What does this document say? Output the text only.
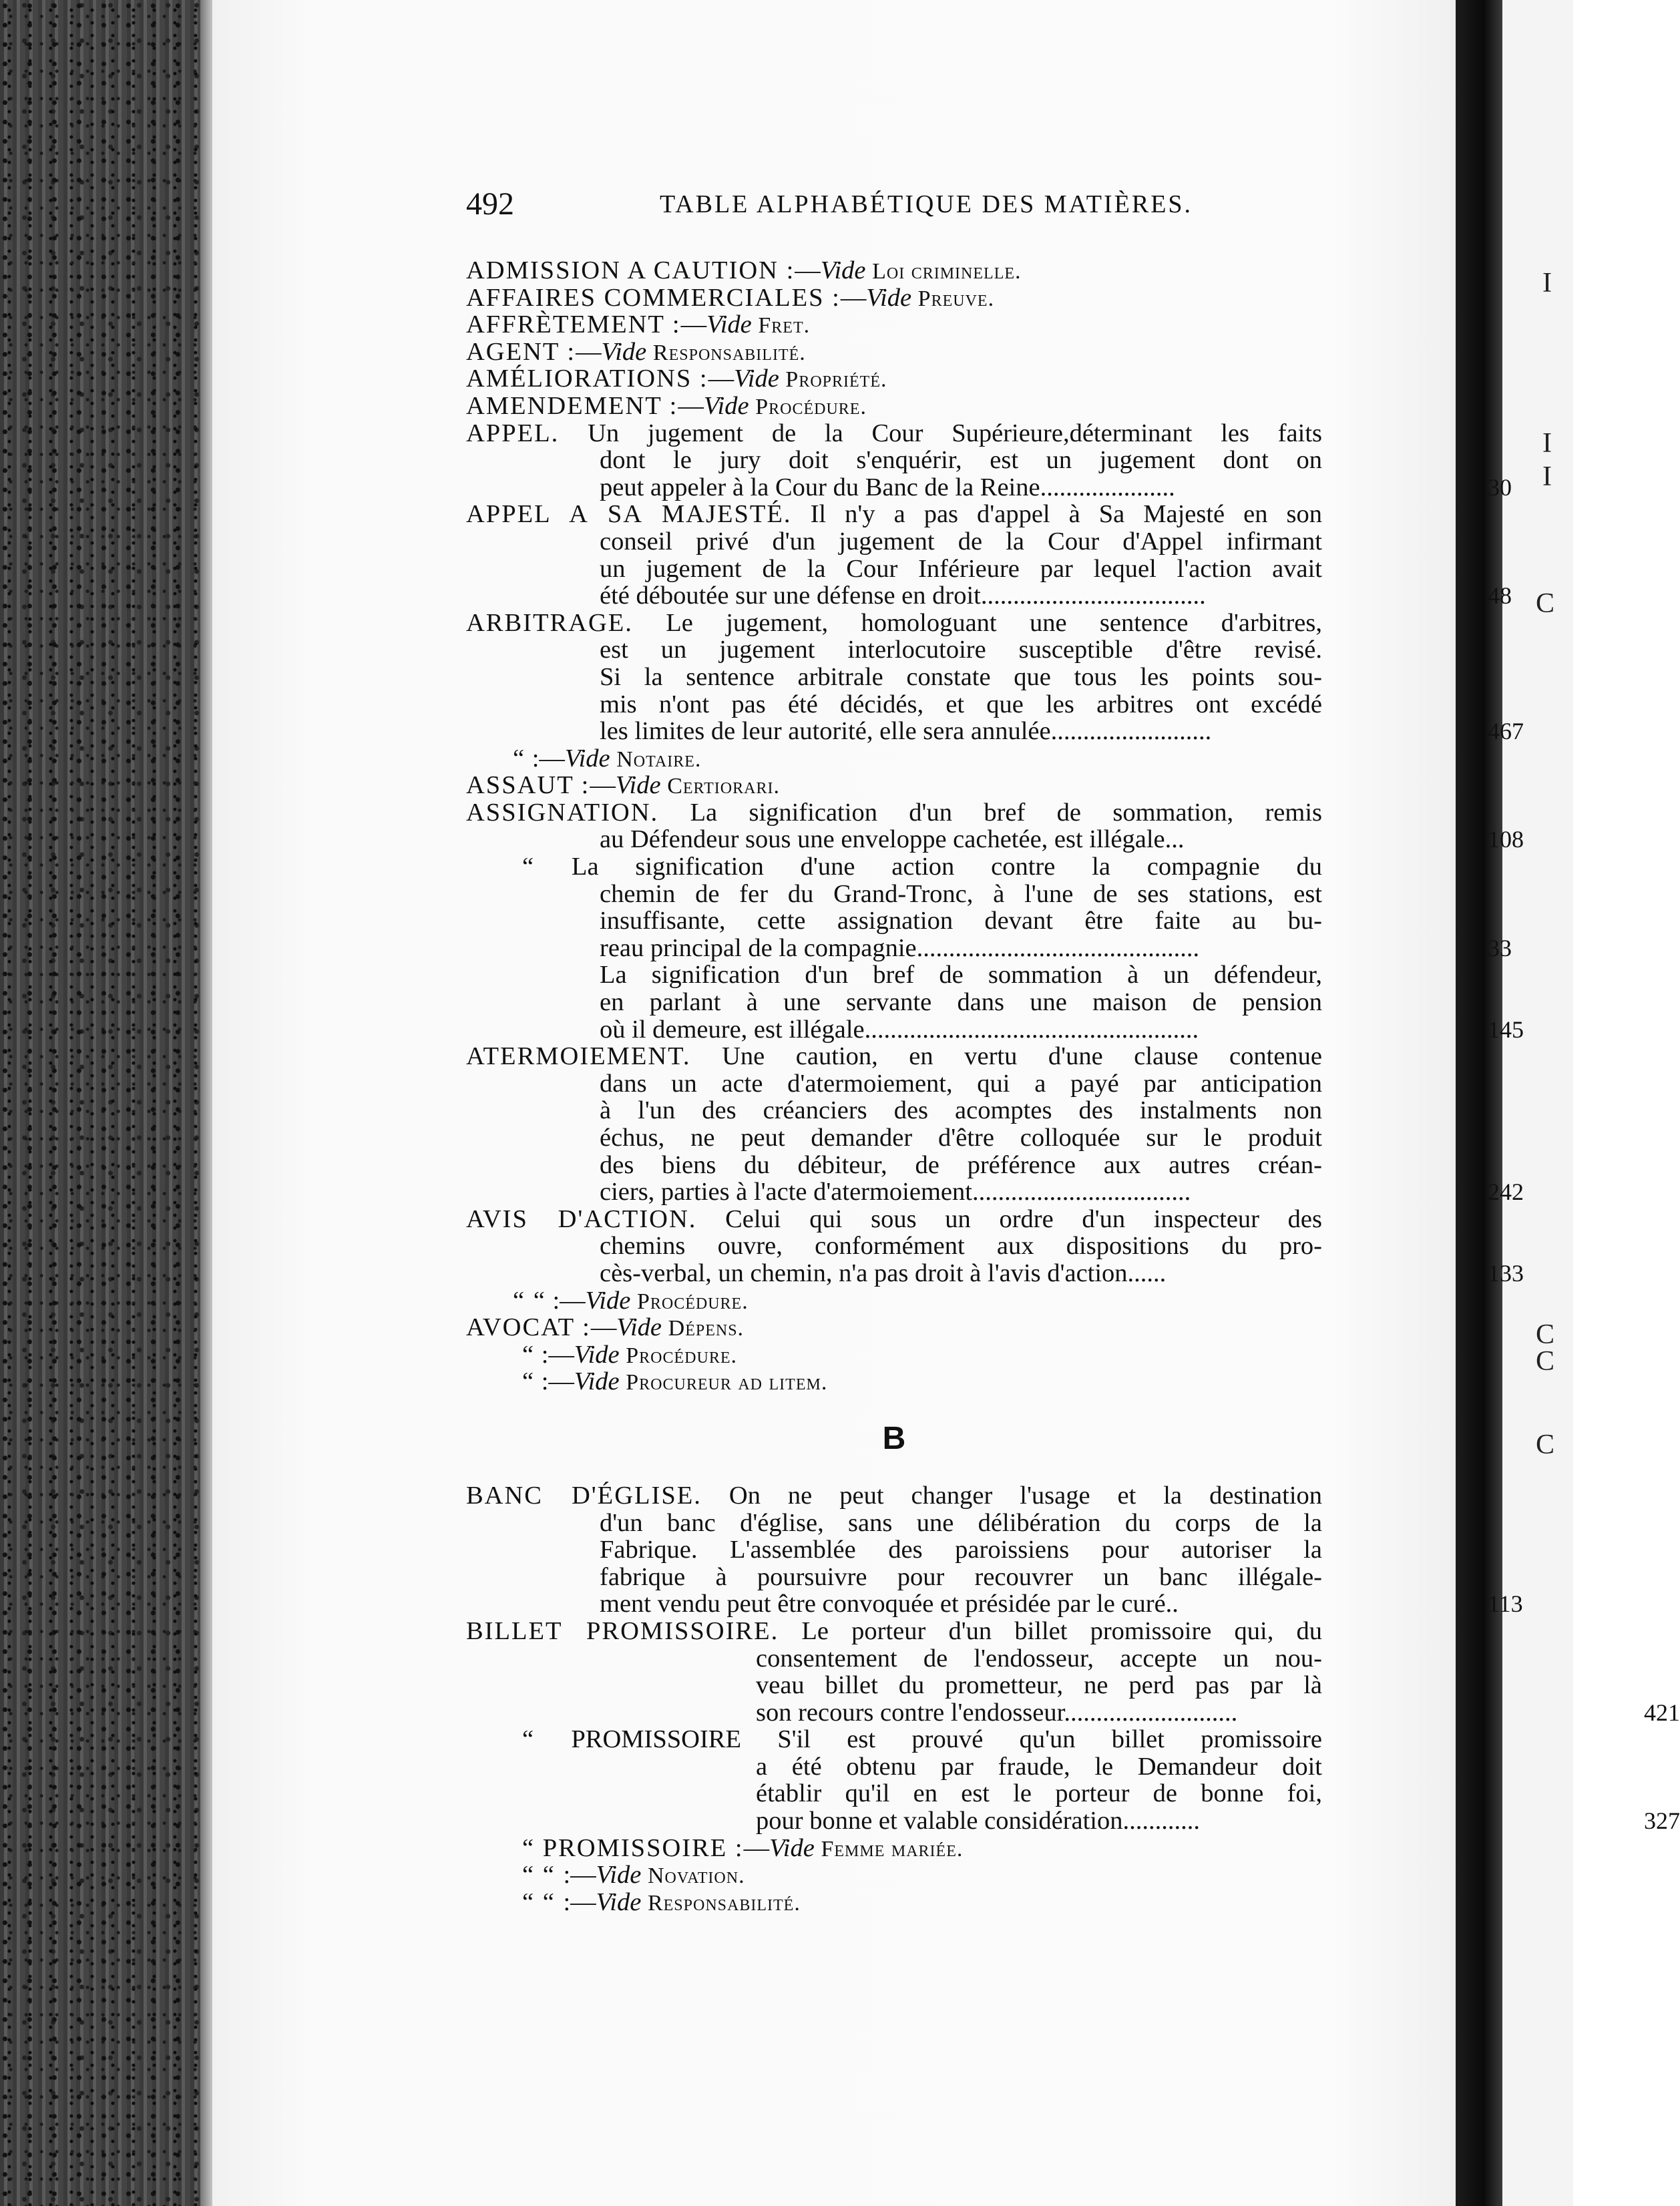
I
I
I
C
C
C
C
492	TABLE ALPHABÉTIQUE DES MATIÈRES.
ADMISSION A CAUTION :—Vide Loi criminelle.
AFFAIRES COMMERCIALES :—Vide Preuve.
AFFRÈTEMENT :—Vide Fret.
AGENT :—Vide Responsabilité.
AMÉLIORATIONS :—Vide Propriété.
AMENDEMENT :—Vide Procédure.
APPEL. Un jugement de la Cour Supérieure,déterminant les faits
dont le jury doit s'enquérir, est un jugement dont on
peut appeler à la Cour du Banc de la Reine.....................	30
APPEL A SA MAJESTÉ. Il n'y a pas d'appel à Sa Majesté en son
conseil privé d'un jugement de la Cour d'Appel infirmant
un jugement de la Cour Inférieure par lequel l'action avait
été déboutée sur une défense en droit...................................	48
ARBITRAGE. Le jugement, homologuant une sentence d'arbitres,
est un jugement interlocutoire susceptible d'être revisé.
Si la sentence arbitrale constate que tous les points sou-
mis n'ont pas été décidés, et que les arbitres ont excédé
les limites de leur autorité, elle sera annulée.........................	467
“ :—Vide Notaire.
ASSAUT :—Vide Certiorari.
ASSIGNATION. La signification d'un bref de sommation, remis
au Défendeur sous une enveloppe cachetée, est illégale...	108
“ La signification d'une action contre la compagnie du
chemin de fer du Grand-Tronc, à l'une de ses stations, est
insuffisante, cette assignation devant être faite au bu-
reau principal de la compagnie............................................	33
La signification d'un bref de sommation à un défendeur,
en parlant à une servante dans une maison de pension
où il demeure, est illégale....................................................	145
ATERMOIEMENT. Une caution, en vertu d'une clause contenue
dans un acte d'atermoiement, qui a payé par anticipation
à l'un des créanciers des acomptes des instalments non
échus, ne peut demander d'être colloquée sur le produit
des biens du débiteur, de préférence aux autres créan-
ciers, parties à l'acte d'atermoiement..................................	242
AVIS D'ACTION. Celui qui sous un ordre d'un inspecteur des
chemins ouvre, conformément aux dispositions du pro-
cès-verbal, un chemin, n'a pas droit à l'avis d'action......	133
“ “ :—Vide Procédure.
AVOCAT :—Vide Dépens.
“ :—Vide Procédure.
“ :—Vide Procureur ad litem.
B
BANC D'ÉGLISE. On ne peut changer l'usage et la destination
d'un banc d'église, sans une délibération du corps de la
Fabrique. L'assemblée des paroissiens pour autoriser la
fabrique à poursuivre pour recouvrer un banc illégale-
ment vendu peut être convoquée et présidée par le curé..	113
BILLET PROMISSOIRE. Le porteur d'un billet promissoire qui, du
consentement de l'endosseur, accepte un nou-
veau billet du prometteur, ne perd pas par là
son recours contre l'endosseur...........................	421
“ PROMISSOIRE S'il est prouvé qu'un billet promissoire
a été obtenu par fraude, le Demandeur doit
établir qu'il en est le porteur de bonne foi,
pour bonne et valable considération............	327
“ PROMISSOIRE :—Vide Femme mariée.
“ “ :—Vide Novation.
“ “ :—Vide Responsabilité.
